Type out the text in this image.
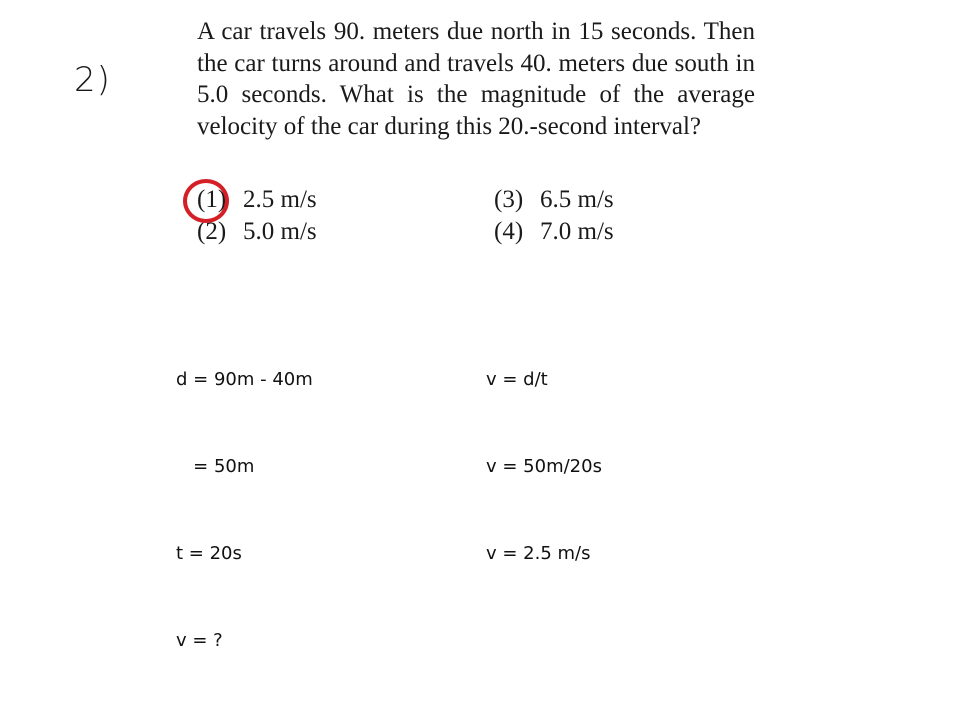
2)
A car travels 90. meters due north in 15 seconds. Then the car turns around and travels 40. meters due south in 5.0 seconds. What is the magnitude of the average velocity of the car during this 20.-second interval?
(1) 2.5 m/s
(2) 5.0 m/s
(3) 6.5 m/s
(4) 7.0 m/s

d = 90m - 40m

= 50m

t = 20s

v = ?

v = d/t

v = 50m/20s

v = 2.5 m/s
